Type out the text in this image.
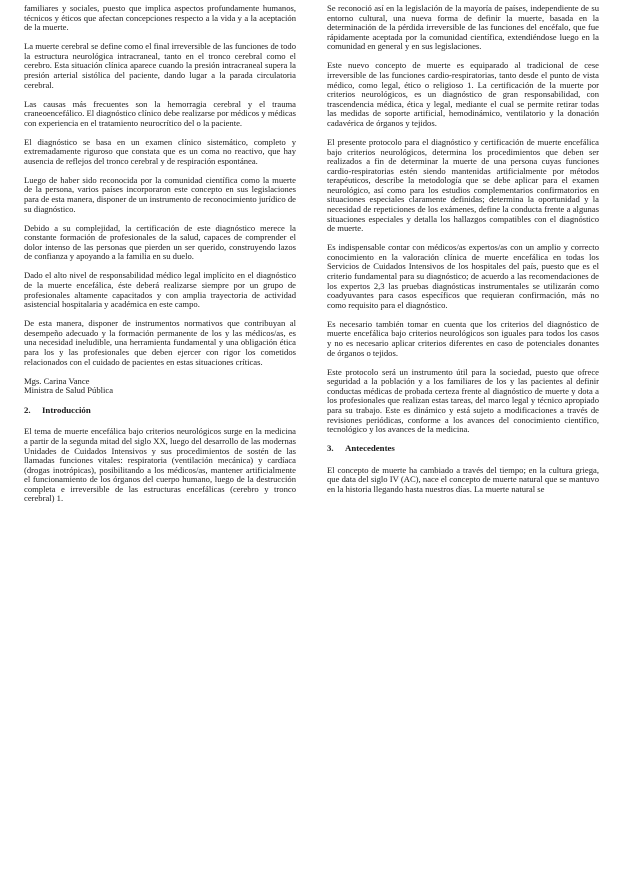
familiares y sociales, puesto que implica aspectos profundamente humanos, técnicos y éticos que afectan concepciones respecto a la vida y a la aceptación de la muerte.

La muerte cerebral se define como el final irreversible de las funciones de todo la estructura neurológica intracraneal, tanto en el tronco cerebral como el cerebro. Esta situación clínica aparece cuando la presión intracraneal supera la presión arterial sistólica del paciente, dando lugar a la parada circulatoria cerebral.

Las causas más frecuentes son la hemorragia cerebral y el trauma craneoencefálico. El diagnóstico clínico debe realizarse por médicos y médicas con experiencia en el tratamiento neurocrítico del o la paciente.

El diagnóstico se basa en un examen clínico sistemático, completo y extremadamente riguroso que constata que es un coma no reactivo, que hay ausencia de reflejos del tronco cerebral y de respiración espontánea.

Luego de haber sido reconocida por la comunidad científica como la muerte de la persona, varios países incorporaron este concepto en sus legislaciones para de esta manera, disponer de un instrumento de reconocimiento jurídico de su diagnóstico.

Debido a su complejidad, la certificación de este diagnóstico merece la constante formación de profesionales de la salud, capaces de comprender el dolor intenso de las personas que pierden un ser querido, construyendo lazos de confianza y apoyando a la familia en su duelo.

Dado el alto nivel de responsabilidad médico legal implícito en el diagnóstico de la muerte encefálica, éste deberá realizarse siempre por un grupo de profesionales altamente capacitados y con amplia trayectoria de actividad asistencial hospitalaria y académica en este campo.

De esta manera, disponer de instrumentos normativos que contribuyan al desempeño adecuado y la formación permanente de los y las médicos/as, es una necesidad ineludible, una herramienta fundamental y una obligación ética para los y las profesionales que deben ejercer con rigor los cometidos relacionados con el cuidado de pacientes en estas situaciones críticas.

Mgs. Carina Vance
Ministra de Salud Pública
2. Introducción

El tema de muerte encefálica bajo criterios neurológicos surge en la medicina a partir de la segunda mitad del siglo XX, luego del desarrollo de las modernas Unidades de Cuidados Intensivos y sus procedimientos de sostén de las llamadas funciones vitales: respiratoria (ventilación mecánica) y cardíaca (drogas inotrópicas), posibilitando a los médicos/as, mantener artificialmente el funcionamiento de los órganos del cuerpo humano, luego de la destrucción completa e irreversible de las estructuras encefálicas (cerebro y tronco cerebral) 1.

Se reconoció así en la legislación de la mayoría de países, independiente de su entorno cultural, una nueva forma de definir la muerte, basada en la determinación de la pérdida irreversible de las funciones del encéfalo, que fue rápidamente aceptada por la comunidad científica, extendiéndose luego en la comunidad en general y en sus legislaciones.

Este nuevo concepto de muerte es equiparado al tradicional de cese irreversible de las funciones cardio-respiratorias, tanto desde el punto de vista médico, como legal, ético o religioso 1. La certificación de la muerte por criterios neurológicos, es un diagnóstico de gran responsabilidad, con trascendencia médica, ética y legal, mediante el cual se permite retirar todas las medidas de soporte artificial, hemodinámico, ventilatorio y la donación cadavérica de órganos y tejidos.

El presente protocolo para el diagnóstico y certificación de muerte encefálica bajo criterios neurológicos, determina los procedimientos que deben ser realizados a fin de determinar la muerte de una persona cuyas funciones cardio-respiratorias estén siendo mantenidas artificialmente por métodos terapéuticos, describe la metodología que se debe aplicar para el examen neurológico, así como para los estudios complementarios confirmatorios en situaciones especiales claramente definidas; determina la oportunidad y la necesidad de repeticiones de los exámenes, define la conducta frente a algunas situaciones especiales y detalla los hallazgos compatibles con el diagnóstico de muerte.

Es indispensable contar con médicos/as expertos/as con un amplio y correcto conocimiento en la valoración clínica de muerte encefálica en todas los Servicios de Cuidados Intensivos de los hospitales del país, puesto que es el criterio fundamental para su diagnóstico; de acuerdo a las recomendaciones de los expertos 2,3 las pruebas diagnósticas instrumentales se utilizarán como coadyuvantes para casos específicos que requieran confirmación, más no como requisito para el diagnóstico.

Es necesario también tomar en cuenta que los criterios del diagnóstico de muerte encefálica bajo criterios neurológicos son iguales para todos los casos y no es necesario aplicar criterios diferentes en caso de potenciales donantes de órganos o tejidos.

Este protocolo será un instrumento útil para la sociedad, puesto que ofrece seguridad a la población y a los familiares de los y las pacientes al definir conductas médicas de probada certeza frente al diagnóstico de muerte y dota a los profesionales que realizan estas tareas, del marco legal y técnico apropiado para su trabajo. Este es dinámico y está sujeto a modificaciones a través de revisiones periódicas, conforme a los avances del conocimiento científico, tecnológico y los avances de la medicina.

3. Antecedentes

El concepto de muerte ha cambiado a través del tiempo; en la cultura griega, que data del siglo IV (AC), nace el concepto de muerte natural que se mantuvo en la historia llegando hasta nuestros días. La muerte natural se
